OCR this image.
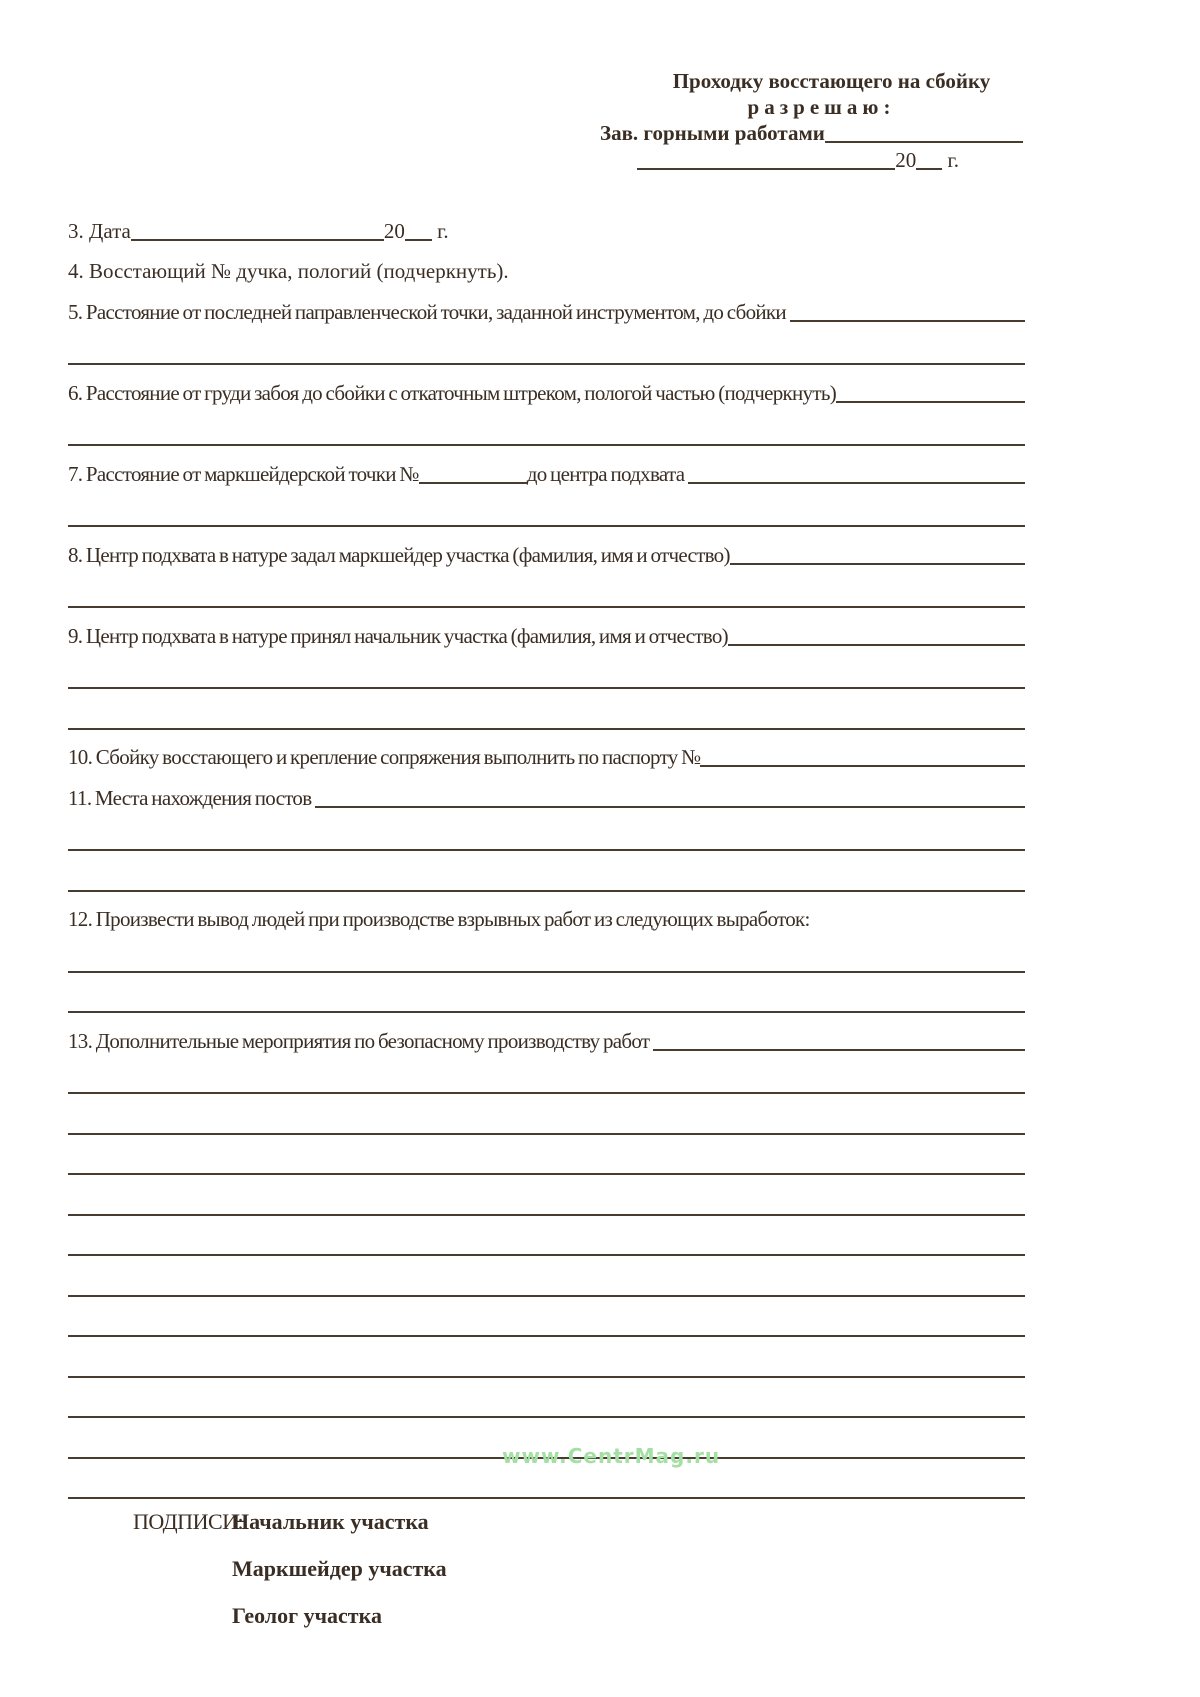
Проходку восстающего на сбойку
разрешаю:
Зав. горными работами
20 г.
3. Дата	20 г.
4. Восстающий № дучка, пологий (подчеркнуть).
5. Расстояние от последней паправленческой точки, заданной инструментом, до сбойки
6. Расстояние от груди забоя до сбойки с откаточным штреком, пологой частью (подчеркнуть)
7. Расстояние от маркшейдерской точки №	до центра подхвата
8. Центр подхвата в натуре задал маркшейдер участка (фамилия, имя и отчество)
9. Центр подхвата в натуре принял начальник участка (фамилия, имя и отчество)
10. Сбойку восстающего и крепление сопряжения выполнить по паспорту №
11. Места нахождения постов
12. Произвести вывод людей при производстве взрывных работ из следующих выработок:
13. Дополнительные мероприятия по безопасному производству работ
www.CentrMag.ru
ПОДПИСИ:
Начальник участка
Маркшейдер участка
Геолог участка
